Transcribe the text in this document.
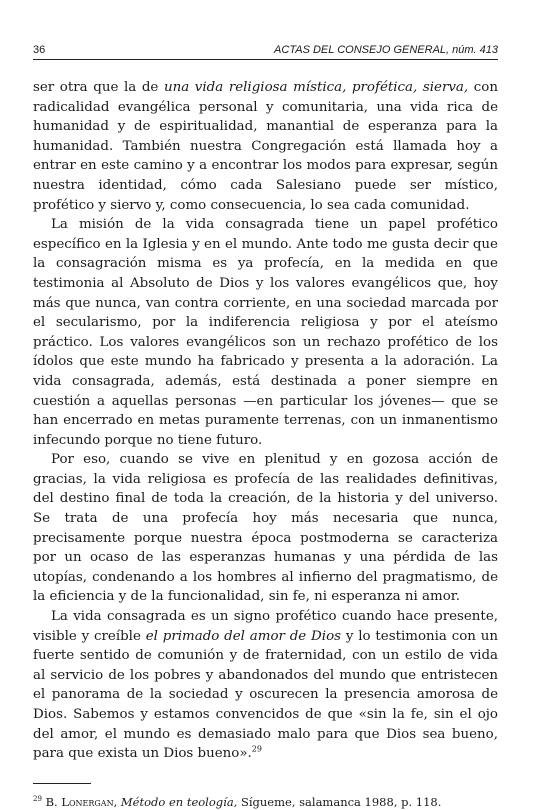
36	ACTAS DEL CONSEJO GENERAL, núm. 413

ser otra que la de una vida religiosa mística, profética, sierva, con radicalidad evangélica personal y comunitaria, una vida rica de humanidad y de espiritualidad, manantial de esperanza para la humanidad. También nuestra Congregación está llamada hoy a entrar en este camino y a encontrar los modos para expresar, según nuestra identidad, cómo cada Salesiano puede ser místico, profético y siervo y, como consecuencia, lo sea cada comunidad.

La misión de la vida consagrada tiene un papel profético específico en la Iglesia y en el mundo. Ante todo me gusta decir que la consagración misma es ya profecía, en la medida en que testimonia al Absoluto de Dios y los valores evangélicos que, hoy más que nunca, van contra corriente, en una sociedad marcada por el secularismo, por la indiferencia religiosa y por el ateísmo práctico. Los valores evangélicos son un rechazo profético de los ídolos que este mundo ha fabricado y presenta a la adoración. La vida consagrada, además, está destinada a poner siempre en cuestión a aquellas personas —en particular los jóvenes— que se han encerrado en metas puramente terrenas, con un inmanentismo infecundo porque no tiene futuro.

Por eso, cuando se vive en plenitud y en gozosa acción de gracias, la vida religiosa es profecía de las realidades definitivas, del destino final de toda la creación, de la historia y del universo. Se trata de una profecía hoy más necesaria que nunca, precisamente porque nuestra época postmoderna se caracteriza por un ocaso de las esperanzas humanas y una pérdida de las utopías, condenando a los hombres al infierno del pragmatismo, de la eficiencia y de la funcionalidad, sin fe, ni esperanza ni amor.

La vida consagrada es un signo profético cuando hace presente, visible y creíble el primado del amor de Dios y lo testimonia con un fuerte sentido de comunión y de fraternidad, con un estilo de vida al servicio de los pobres y abandonados del mundo que entristecen el panorama de la sociedad y oscurecen la presencia amorosa de Dios. Sabemos y estamos convencidos de que «sin la fe, sin el ojo del amor, el mundo es demasiado malo para que Dios sea bueno, para que exista un Dios bueno».$^{29}$

$^{29}$ B. Lonergan, Método en teología, Sígueme, salamanca 1988, p. 118.
